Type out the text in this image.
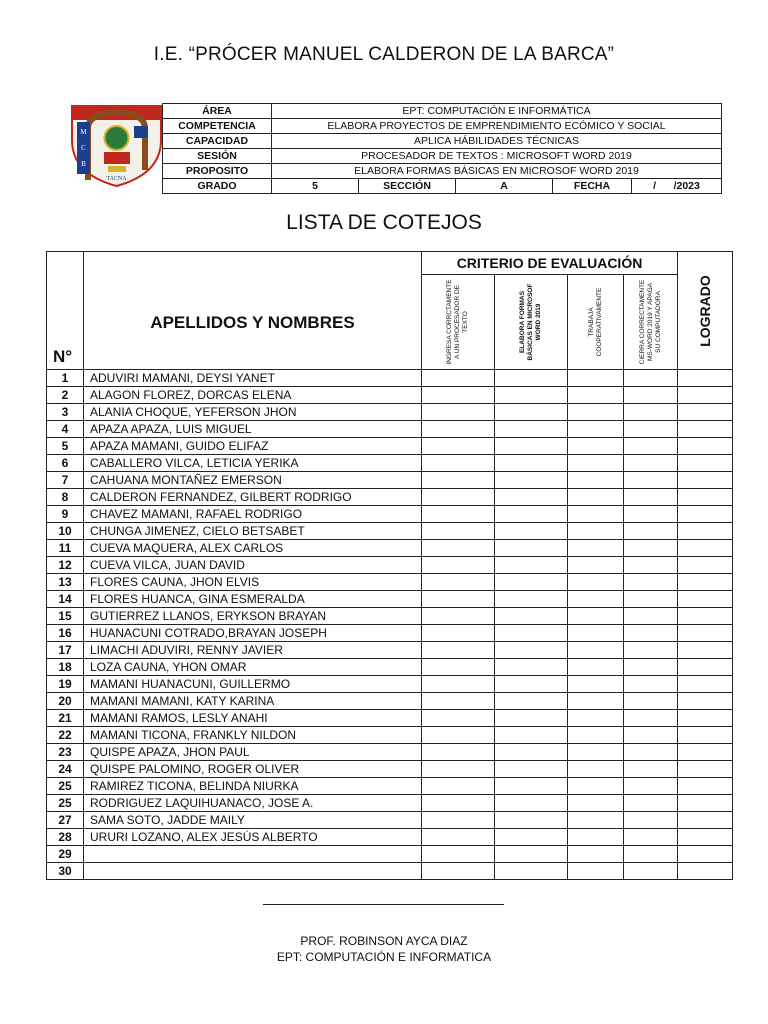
I.E. “PRÓCER MANUEL CALDERON DE LA BARCA”
M
C
B
TACNA
ÁREA	EPT: COMPUTACIÓN E INFORMÁTICA				
COMPETENCIA	ELABORA PROYECTOS DE EMPRENDIMIENTO ECÓMICO Y SOCIAL				
CAPACIDAD	APLICA HÁBILIDADES TÉCNICAS				
SESIÓN	PROCESADOR DE TEXTOS : MICROSOFT WORD 2019				
PROPOSITO	ELABORA FORMAS BÁSICAS EN MICROSOF WORD 2019				
GRADO	5	SECCIÓN	A	FECHA	/ /2023
LISTA DE COTEJOS
N°	APELLIDOS Y NOMBRES	CRITERIO DE EVALUACIÓN				LOGRADO

		INGRESA CORRCTAMENTE A UN PROCESADOR DE TEXTO	ELABORA FORMAS BÁSICAS EN MICROSOF WORD 2019	TRABAJA COOPERATIVAMENTE	CIERRA CORRECTAMENTE MS-WORD 2019 Y APAGA SU COMPUTADORA	

1	ADUVIRI MAMANI, DEYSI YANET					
2	ALAGON FLOREZ, DORCAS ELENA					
3	ALANIA CHOQUE, YEFERSON JHON					
4	APAZA APAZA, LUIS MIGUEL					
5	APAZA MAMANI, GUIDO ELIFAZ					
6	CABALLERO VILCA, LETICIA YERIKA					
7	CAHUANA MONTAÑEZ EMERSON					
8	CALDERON FERNANDEZ, GILBERT RODRIGO					
9	CHAVEZ MAMANI, RAFAEL RODRIGO					
10	CHUNGA JIMENEZ, CIELO BETSABET					
11	CUEVA MAQUERA, ALEX CARLOS					
12	CUEVA VILCA, JUAN DAVID					
13	FLORES CAUNA, JHON ELVIS					
14	FLORES HUANCA, GINA ESMERALDA					
15	GUTIERREZ LLANOS, ERYKSON BRAYAN					
16	HUANACUNI COTRADO,BRAYAN JOSEPH					
17	LIMACHI ADUVIRI, RENNY JAVIER					
18	LOZA CAUNA, YHON OMAR					
19	MAMANI HUANACUNI, GUILLERMO					
20	MAMANI MAMANI, KATY KARINA					
21	MAMANI RAMOS, LESLY ANAHI					
22	MAMANI TICONA, FRANKLY NILDON					
23	QUISPE APAZA, JHON PAUL					
24	QUISPE PALOMINO, ROGER OLIVER					
25	RAMIREZ TICONA, BELINDA NIURKA					
25	RODRIGUEZ LAQUIHUANACO, JOSE A.					
27	SAMA SOTO, JADDE MAILY					
28	URURI LOZANO, ALEX JESÚS ALBERTO					
29						
30						
PROF. ROBINSON AYCA DIAZ
EPT: COMPUTACIÓN E INFORMATICA
